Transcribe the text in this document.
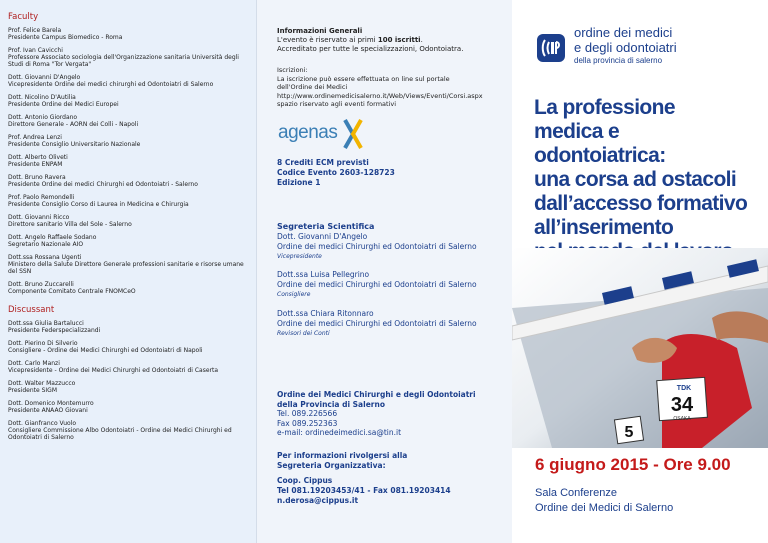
Faculty
Prof. Felice Barela
Presidente Campus Biomedico - Roma
Prof. Ivan Cavicchi
Professore Associato sociologia dell'Organizzazione sanitaria Università degli Studi di Roma "Tor Vergata"
Dott. Giovanni D'Angelo
Vicepresidente Ordine dei medici chirurghi ed Odontoiatri di Salerno
Dott. Nicolino D'Autilia
Presidente Ordine dei Medici Europei
Dott. Antonio Giordano
Direttore Generale - AORN dei Colli - Napoli
Prof. Andrea Lenzi
Presidente Consiglio Universitario Nazionale
Dott. Alberto Oliveti
Presidente ENPAM
Dott. Bruno Ravera
Presidente Ordine dei medici Chirurghi ed Odontoiatri - Salerno
Prof. Paolo Remondelli
Presidente Consiglio Corso di Laurea in Medicina e Chirurgia
Dott. Giovanni Ricco
Direttore sanitario Villa del Sole - Salerno
Dott. Angelo Raffaele Sodano
Segretario Nazionale AIO
Dott.ssa Rossana Ugenti
Ministero della Salute Direttore Generale professioni sanitarie e risorse umane del SSN
Dott. Bruno Zuccarelli
Componente Comitato Centrale FNOMCeO
Discussant
Dott.ssa Giulia Bartalucci
Presidente Federspecializzandi
Dott. Pierino Di Silverio
Consigliere - Ordine dei Medici Chirurghi ed Odontoiatri di Napoli
Dott. Carlo Manzi
Vicepresidente - Ordine dei Medici Chirurghi ed Odontoiatri di Caserta
Dott. Walter Mazzucco
Presidente SIGM
Dott. Domenico Montemurro
Presidente ANAAO Giovani
Dott. Gianfranco Vuolo
Consigliere Commissione Albo Odontoiatri - Ordine dei Medici Chirurghi ed Odontoiatri di Salerno
Informazioni Generali
L'evento è riservato ai primi 100 iscritti.
Accreditato per tutte le specializzazioni, Odontoiatra.
Iscrizioni:
La iscrizione può essere effettuata on line sul portale
dell'Ordine dei Medici
http://www.ordinemedicisalerno.it/Web/Views/Eventi/Corsi.aspx
spazio riservato agli eventi formativi
agenas
8 Crediti ECM previsti
Codice Evento 2603-128723
Edizione 1
Segreteria Scientifica
Dott. Giovanni D'Angelo
Ordine dei medici Chirurghi ed Odontoiatri di Salerno
Vicepresidente
Dott.ssa Luisa Pellegrino
Ordine dei medici Chirurghi ed Odontoiatri di Salerno
Consigliere
Dott.ssa Chiara Ritonnaro
Ordine dei medici Chirurghi ed Odontoiatri di Salerno
Revisori dei Conti
Ordine dei Medici Chirurghi e degli Odontoiatri
della Provincia di Salerno
Tel. 089.226566
Fax 089.252363
e-mail: ordinedeimedici.sa@tin.it
Per informazioni rivolgersi alla
Segreteria Organizzativa:
Coop. Cippus
Tel 081.19203453/41 - Fax 081.19203414
n.derosa@cippus.it
ordine dei medici
e degli odontoiatri
della provincia di salerno
La professione
medica e odontoiatrica:
una corsa ad ostacoli
dall’accesso formativo
all’inserimento
TDK
34
OSAKA
5
6 giugno 2015 - Ore 9.00
Sala Conferenze
Ordine dei Medici di Salerno
